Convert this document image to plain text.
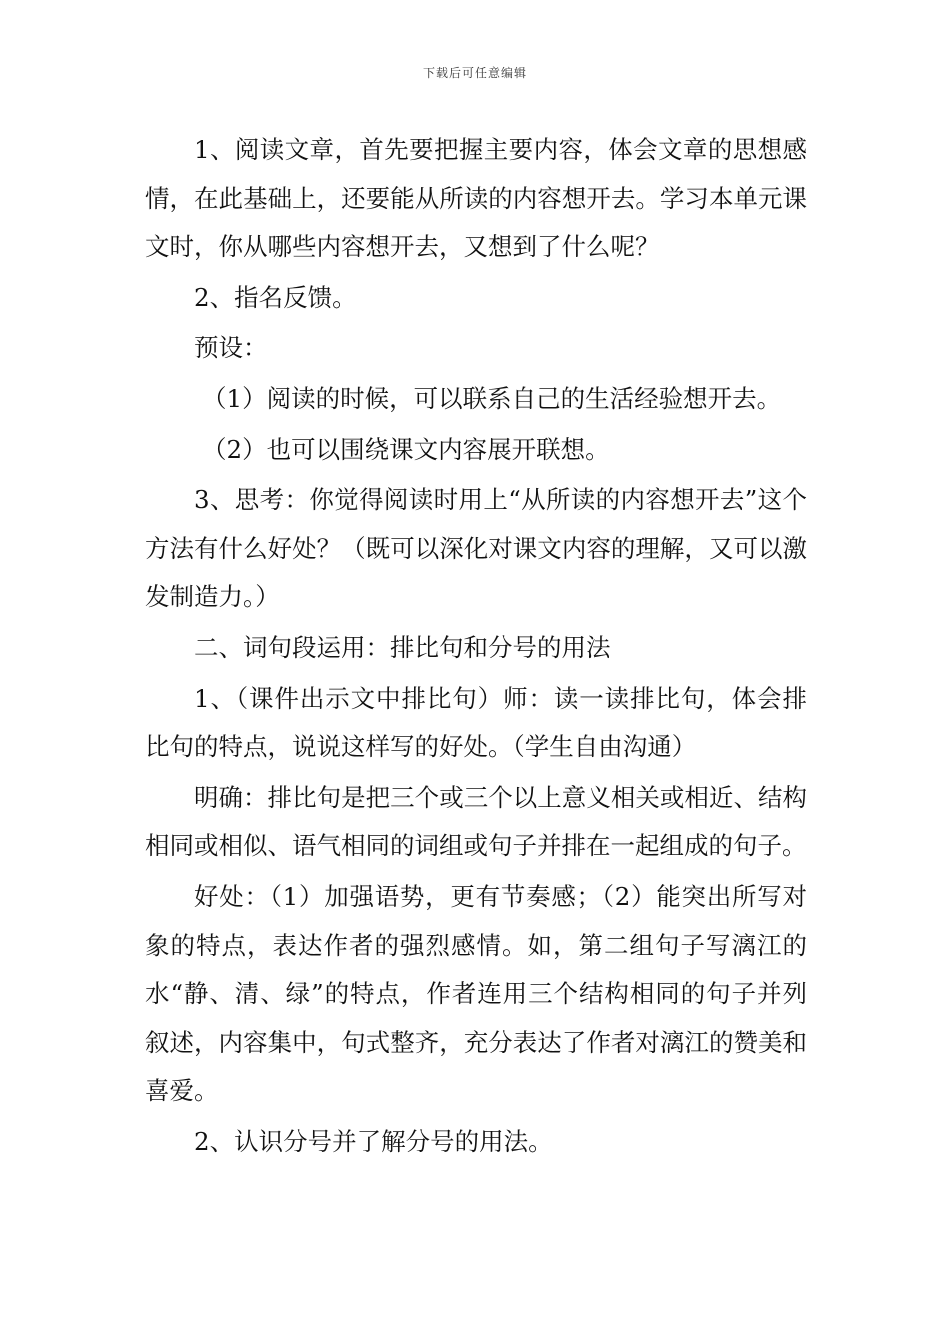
下载后可任意编辑

1、阅读文章，首先要把握主要内容，体会文章的思想感情，在此基础上，还要能从所读的内容想开去。学习本单元课文时，你从哪些内容想开去，又想到了什么呢？

2、指名反馈。

预设：

（1）阅读的时候，可以联系自己的生活经验想开去。

（2）也可以围绕课文内容展开联想。

3、思考：你觉得阅读时用上“从所读的内容想开去”这个方法有什么好处？（既可以深化对课文内容的理解，又可以激发制造力。）

二、词句段运用：排比句和分号的用法

1、（课件出示文中排比句）师：读一读排比句，体会排比句的特点，说说这样写的好处。（学生自由沟通）

明确：排比句是把三个或三个以上意义相关或相近、结构相同或相似、语气相同的词组或句子并排在一起组成的句子。

好处：（1）加强语势，更有节奏感；（2）能突出所写对象的特点，表达作者的强烈感情。如，第二组句子写漓江的水“静、清、绿”的特点，作者连用三个结构相同的句子并列叙述，内容集中，句式整齐，充分表达了作者对漓江的赞美和喜爱。

2、认识分号并了解分号的用法。
